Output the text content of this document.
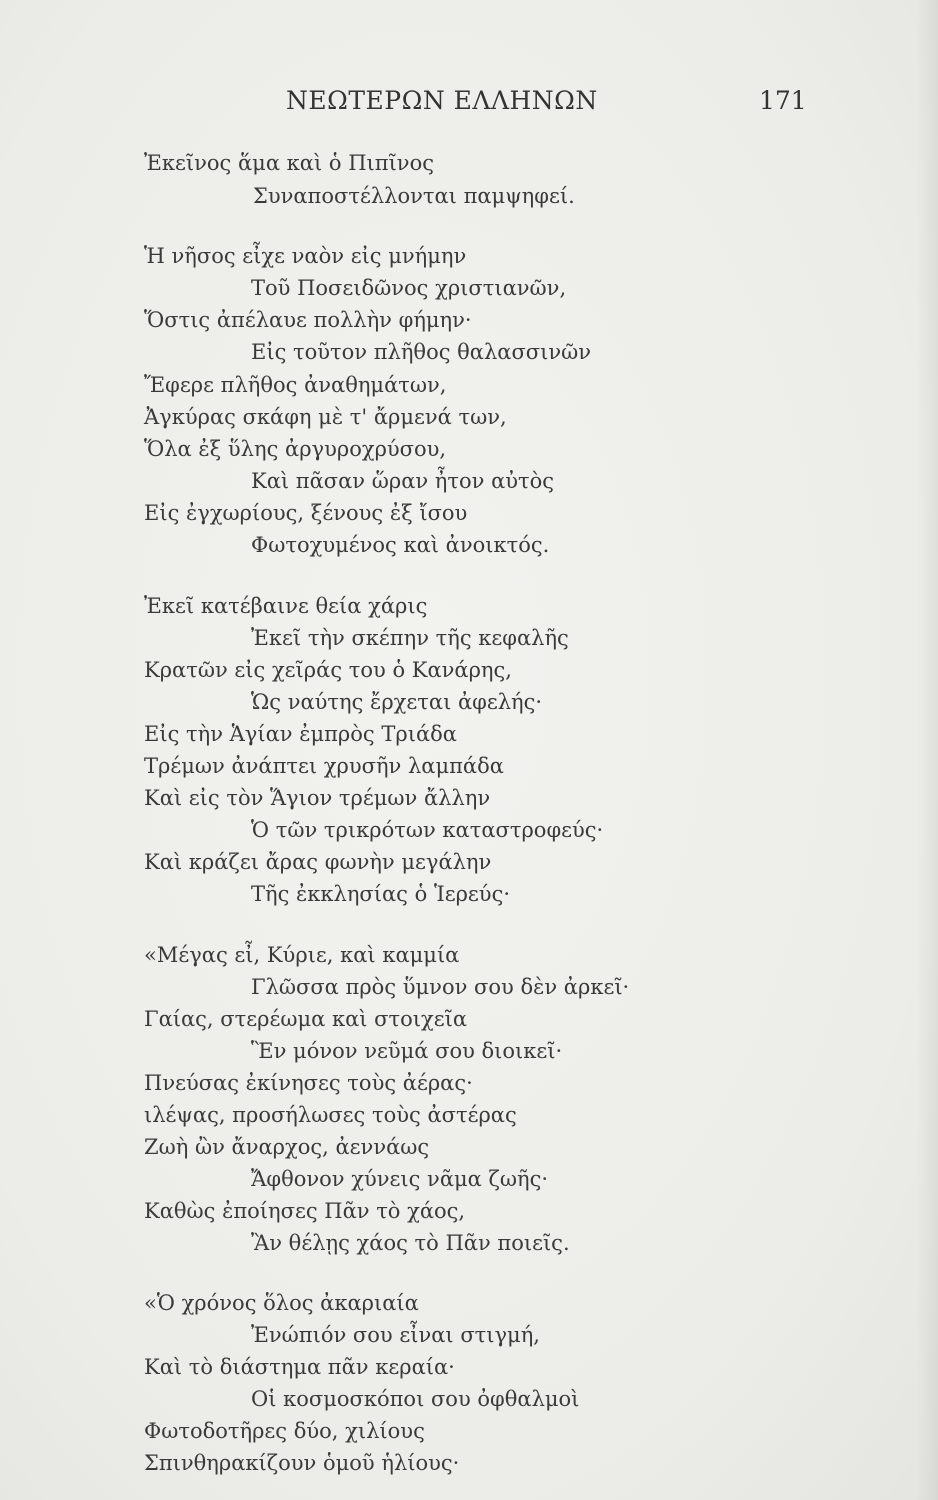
ΝΕΩΤΕΡΩΝ ΕΛΛΗΝΩΝ	171
Ἐκεῖνος ἅμα καὶ ὁ Πιπῖνος
Συναποστέλλονται παμψηφεί.
Ἡ νῆσος εἶχε ναὸν εἰς μνήμην
Τοῦ Ποσειδῶνος χριστιανῶν,
Ὅστις ἀπέλαυε πολλὴν φήμην·
Εἰς τοῦτον πλῆθος θαλασσινῶν
Ἔφερε πλῆθος ἀναθημάτων,
Ἀγκύρας σκάφη μὲ τ' ἄρμενά των,
Ὅλα ἐξ ὕλης ἀργυροχρύσου,
Καὶ πᾶσαν ὥραν ἦτον αὐτὸς
Εἰς ἐγχωρίους, ξένους ἐξ ἴσου
Φωτοχυμένος καὶ ἀνοικτός.
Ἐκεῖ κατέβαινε θεία χάρις
Ἐκεῖ τὴν σκέπην τῆς κεφαλῆς
Κρατῶν εἰς χεῖράς του ὁ Κανάρης,
Ὡς ναύτης ἔρχεται ἀφελής·
Εἰς τὴν Ἁγίαν ἐμπρὸς Τριάδα
Τρέμων ἀνάπτει χρυσῆν λαμπάδα
Καὶ εἰς τὸν Ἅγιον τρέμων ἄλλην
Ὁ τῶν τρικρότων καταστροφεύς·
Καὶ κράζει ἄρας φωνὴν μεγάλην
Τῆς ἐκκλησίας ὁ Ἱερεύς·
«Μέγας εἶ, Κύριε, καὶ καμμία
Γλῶσσα πρὸς ὕμνον σου δὲν ἀρκεῖ·
Γαίας, στερέωμα καὶ στοιχεῖα
Ἓν μόνον νεῦμά σου διοικεῖ·
Πνεύσας ἐκίνησες τοὺς ἀέρας·
ιλέψας, προσήλωσες τοὺς ἀστέρας
Ζωὴ ὢν ἄναρχος, ἀεννάως
Ἄφθονον χύνεις νᾶμα ζωῆς·
Καθὼς ἐποίησες Πᾶν τὸ χάος,
Ἂν θέλῃς χάος τὸ Πᾶν ποιεῖς.
«Ὁ χρόνος ὅλος ἀκαριαία
Ἐνώπιόν σου εἶναι στιγμή,
Καὶ τὸ διάστημα πᾶν κεραία·
Οἱ κοσμοσκόποι σου ὀφθαλμοὶ
Φωτοδοτῆρες δύο, χιλίους
Σπινθηρακίζουν ὁμοῦ ἡλίους·
